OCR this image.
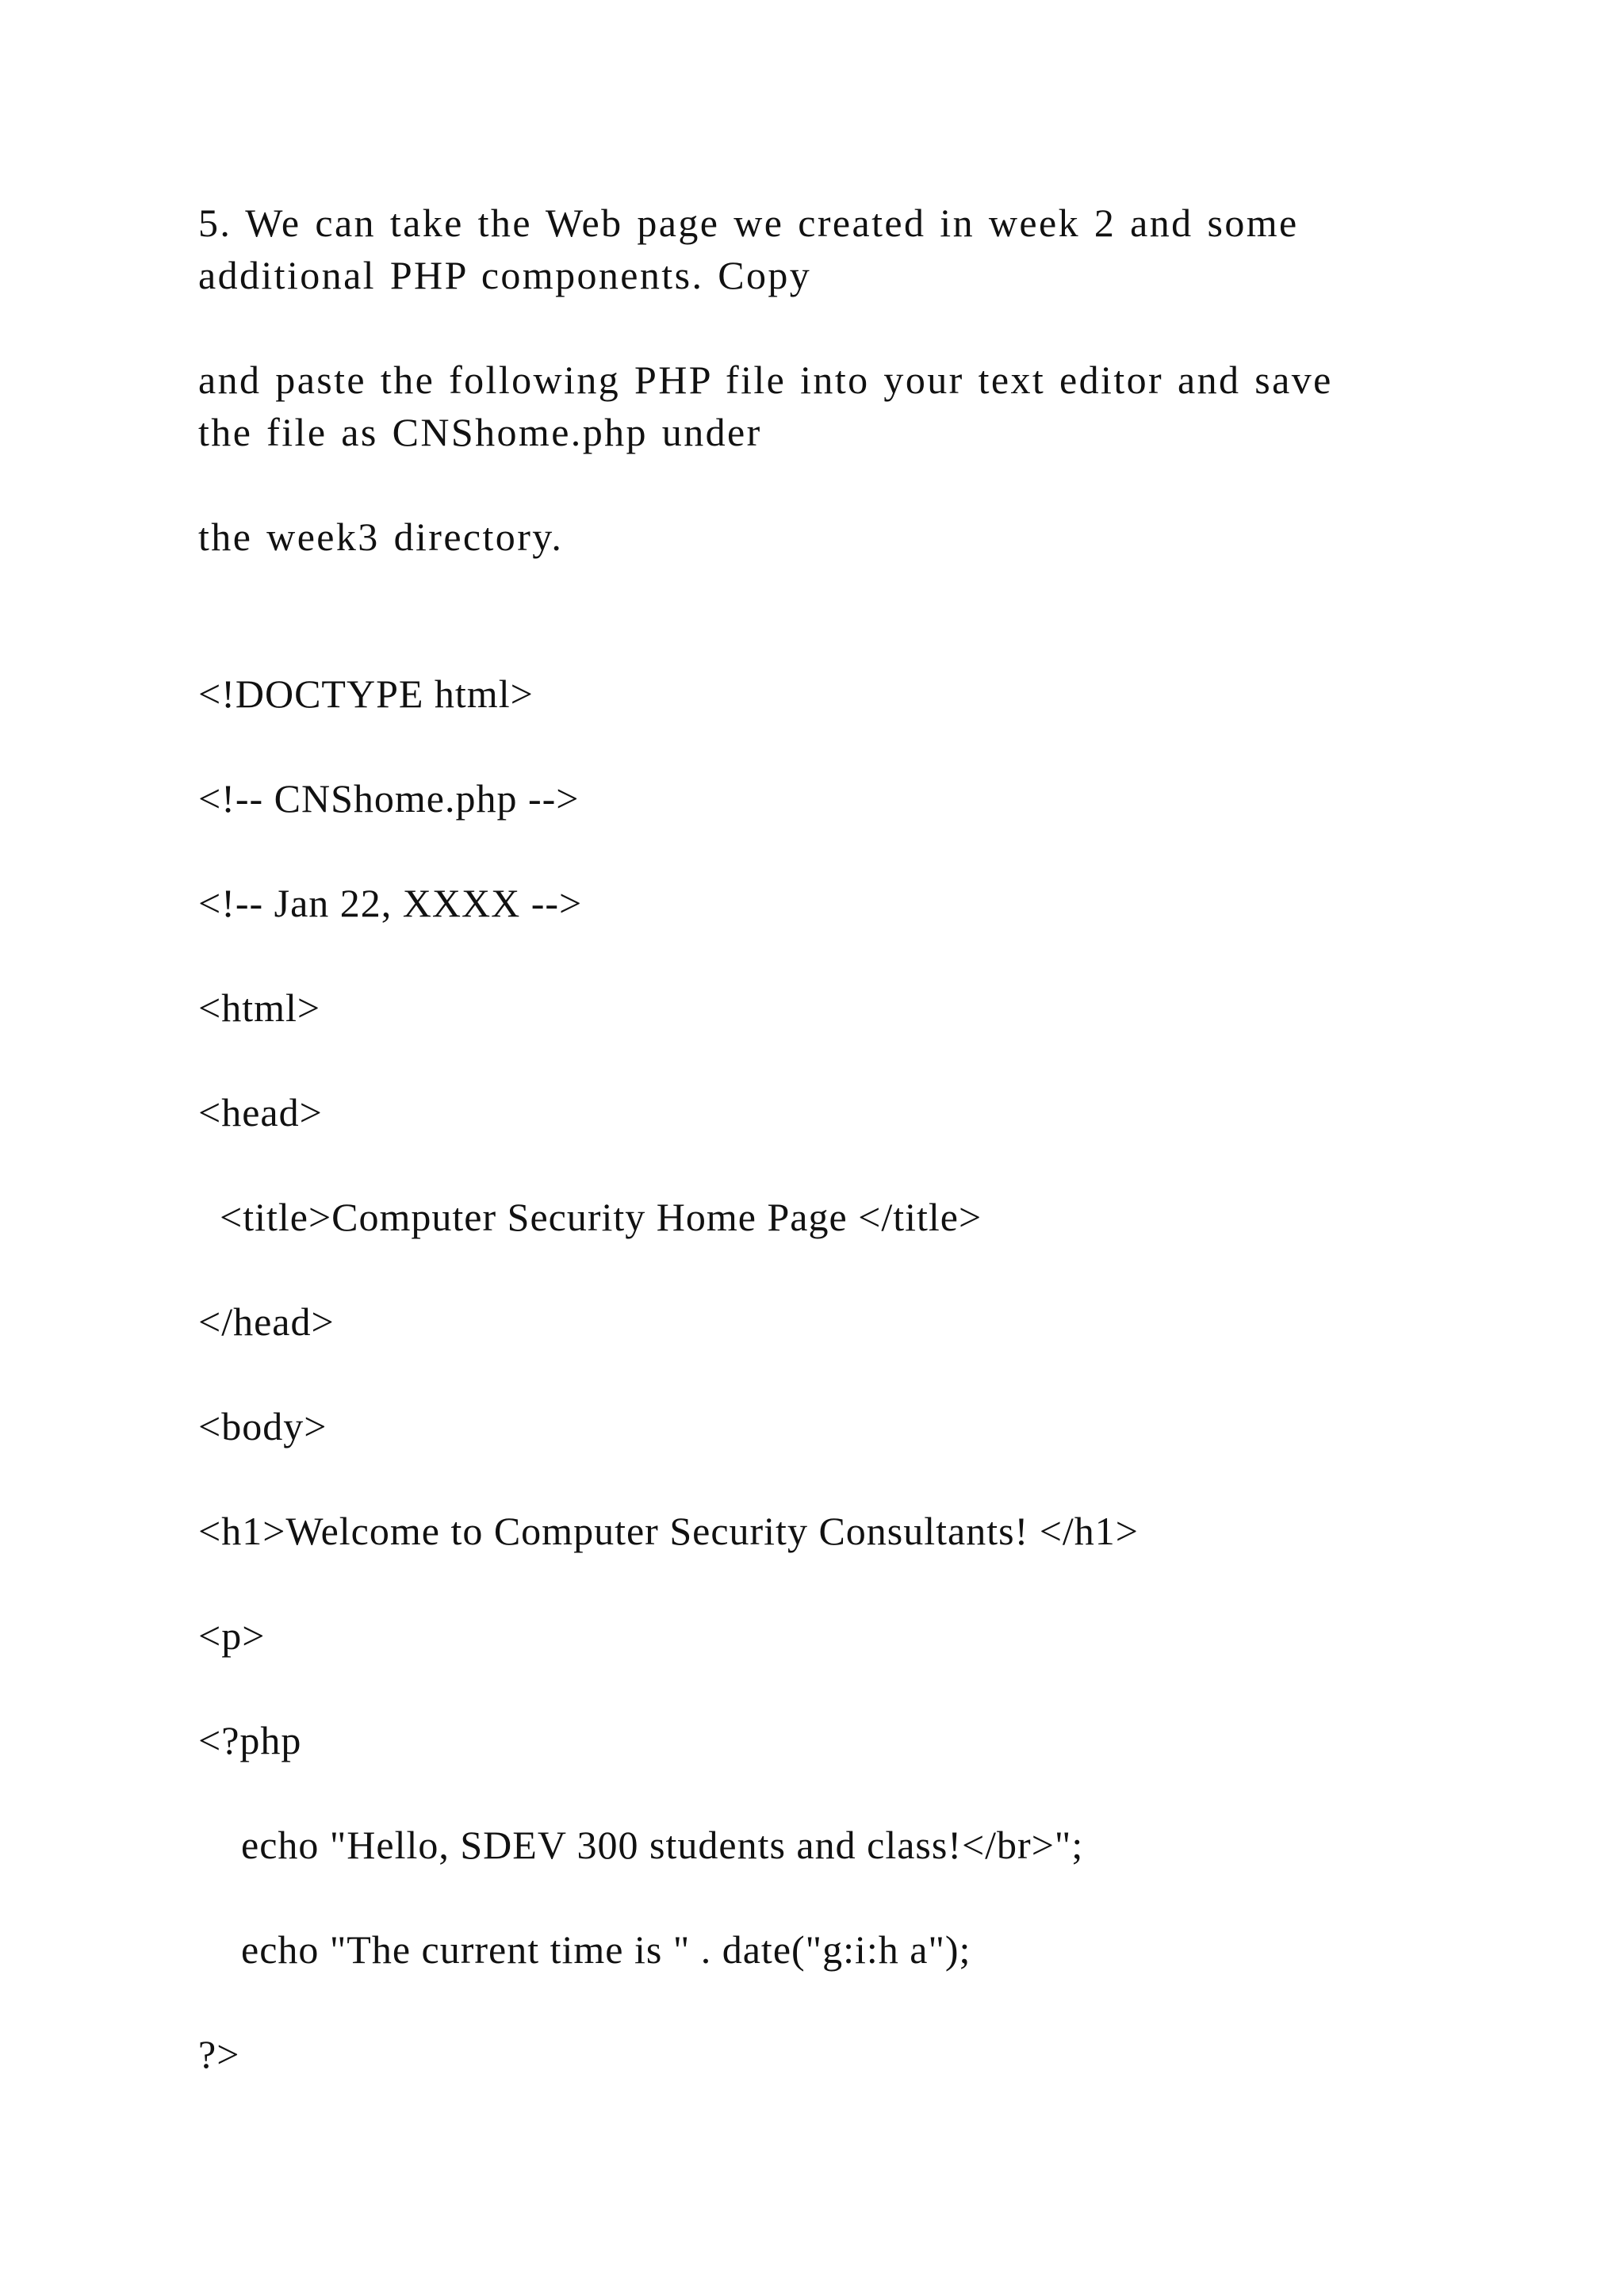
5. We can take the Web page we created in week 2 and some

additional PHP components. Copy

and paste the following PHP file into your text editor and save

the file as CNShome.php under

the week3 directory.

<!DOCTYPE html>

<!-- CNShome.php -->

<!-- Jan 22, XXXX -->

<html>

<head>

<title>Computer Security Home Page </title>

</head>

<body>

<h1>Welcome to Computer Security Consultants! </h1>

<p>

<?php

echo "Hello, SDEV 300 students and class!</br>";

echo "The current time is " . date("g:i:h a");

?>
